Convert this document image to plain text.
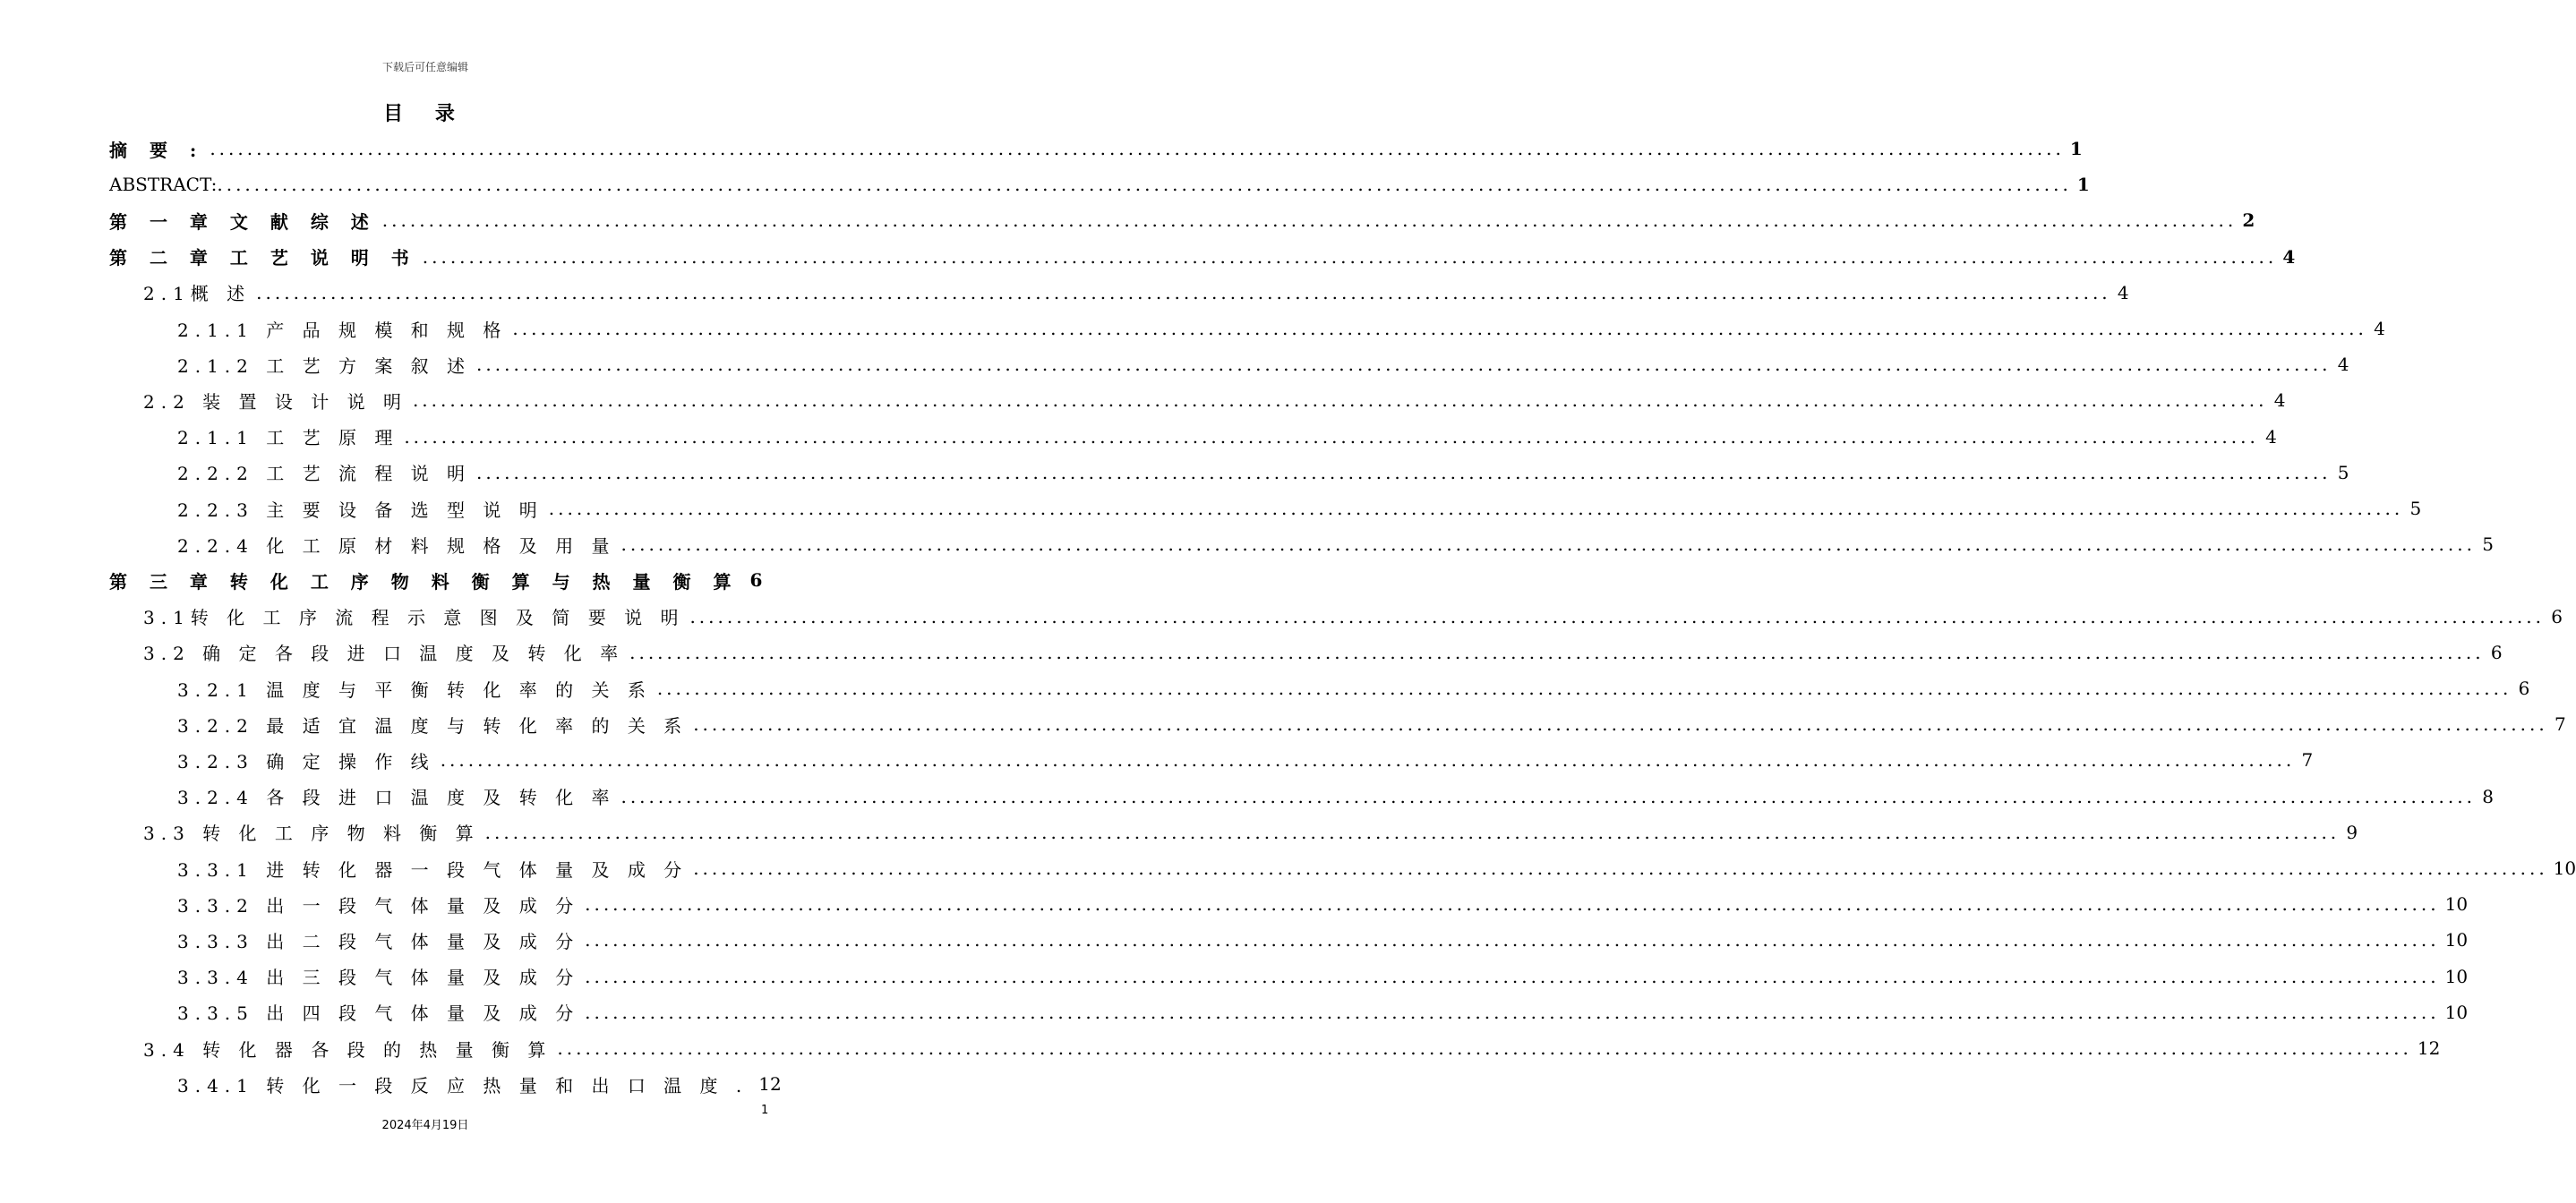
下载后可任意编辑
目 录
摘 要 : ........................................................................................................................................................................................................ 1
ABSTRACT: ........................................................................................................................................................................................................ 1
第 一 章 文 献 综 述 ........................................................................................................................................................................................................ 2
第 二 章 工 艺 说 明 书 ........................................................................................................................................................................................................ 4
2.1概 述 ........................................................................................................................................................................................................ 4
2.1.1 产 品 规 模 和 规 格 ........................................................................................................................................................................................................ 4
2.1.2 工 艺 方 案 叙 述 ........................................................................................................................................................................................................ 4
2.2 装 置 设 计 说 明 ........................................................................................................................................................................................................ 4
2.1.1 工 艺 原 理 ........................................................................................................................................................................................................ 4
2.2.2 工 艺 流 程 说 明 ........................................................................................................................................................................................................ 5
2.2.3 主 要 设 备 选 型 说 明 ........................................................................................................................................................................................................ 5
2.2.4 化 工 原 材 料 规 格 及 用 量 ........................................................................................................................................................................................................ 5
第 三 章 转 化 工 序 物 料 衡 算 与 热 量 衡 算 6
3.1转 化 工 序 流 程 示 意 图 及 简 要 说 明 ........................................................................................................................................................................................................ 6
3.2 确 定 各 段 进 口 温 度 及 转 化 率 ........................................................................................................................................................................................................ 6
3.2.1 温 度 与 平 衡 转 化 率 的 关 系 ........................................................................................................................................................................................................ 6
3.2.2 最 适 宜 温 度 与 转 化 率 的 关 系 ........................................................................................................................................................................................................ 7
3.2.3 确 定 操 作 线 ........................................................................................................................................................................................................ 7
3.2.4 各 段 进 口 温 度 及 转 化 率 ........................................................................................................................................................................................................ 8
3.3 转 化 工 序 物 料 衡 算 ........................................................................................................................................................................................................ 9
3.3.1 进 转 化 器 一 段 气 体 量 及 成 分 ........................................................................................................................................................................................................ 10
3.3.2 出 一 段 气 体 量 及 成 分 ........................................................................................................................................................................................................ 10
3.3.3 出 二 段 气 体 量 及 成 分 ........................................................................................................................................................................................................ 10
3.3.4 出 三 段 气 体 量 及 成 分 ........................................................................................................................................................................................................ 10
3.3.5 出 四 段 气 体 量 及 成 分 ........................................................................................................................................................................................................ 10
3.4 转 化 器 各 段 的 热 量 衡 算 ........................................................................................................................................................................................................ 12
3.4.1 转 化 一 段 反 应 热 量 和 出 口 温 度 . 12
1
2024年4月19日
